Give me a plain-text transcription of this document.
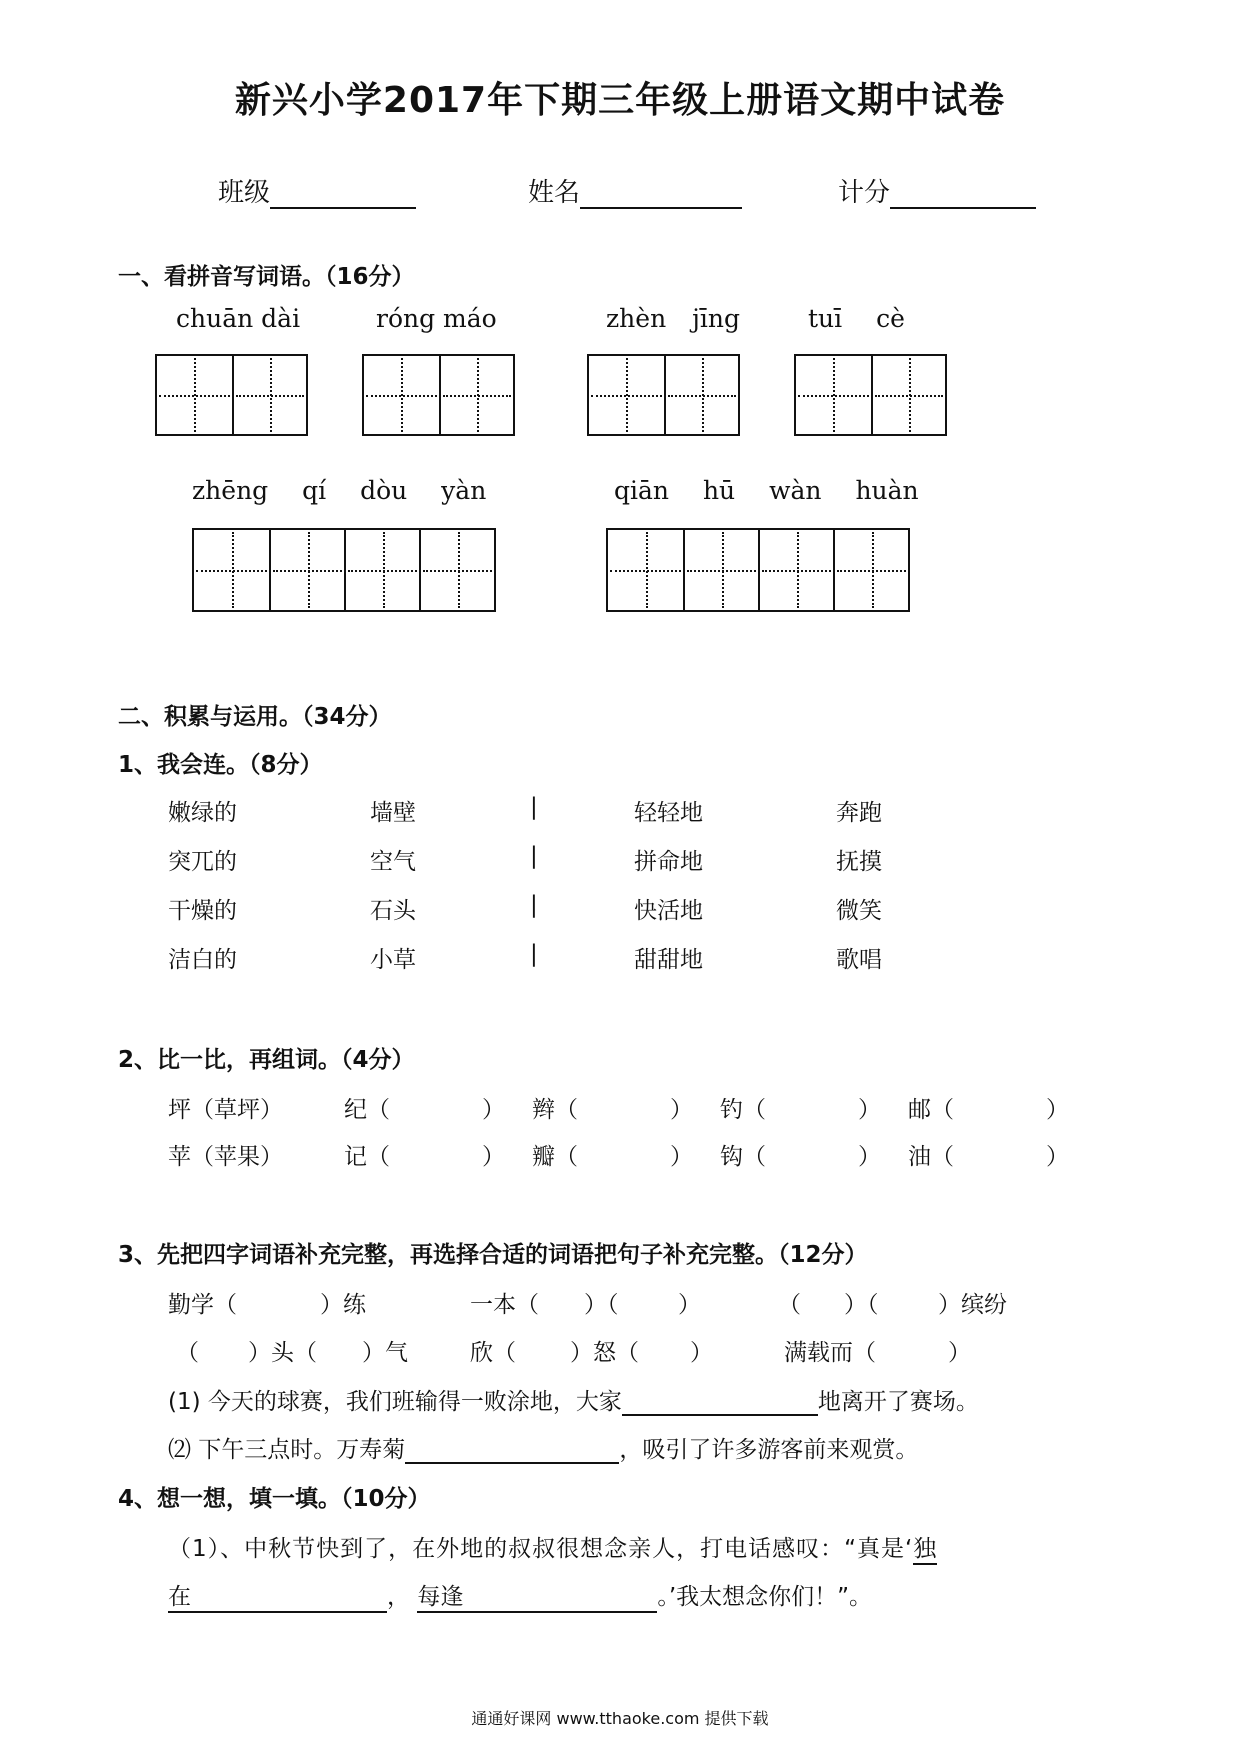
新兴小学2017年下期三年级上册语文期中试卷
班级	姓名	计分
一、看拼音写词语。（16分）
chuān dài	róng máo	zhèn jīng	tuī cè
zhēng qí dòu yàn	qiān hū wàn huàn
二、积累与运用。（34分）
1、我会连。（8分）
嫩绿的	墙壁	|	轻轻地	奔跑
突兀的	空气	|	拼命地	抚摸
干燥的	石头	|	快活地	微笑
洁白的	小草	|	甜甜地	歌唱
2、比一比，再组词。（4分）
坪（草坪）	纪（	） 辫（	） 钓（	） 邮（	）
苹（苹果）	记（	） 瓣（	） 钩（	） 油（	）
3、先把四字词语补充完整，再选择合适的词语把句子补充完整。（12分）
勤学（	）练	一本（ ）（	）	（ ）（	）缤纷
（ ）头（ ）气	欣（ ）怒（ ）	满载而（	）
(1) 今天的球赛，我们班输得一败涂地，大家	地离开了赛场。
⑵ 下午三点时。万寿菊	，吸引了许多游客前来观赏。
4、想一想，填一填。（10分）
（1）、中秋节快到了，在外地的叔叔很想念亲人，打电话感叹：“真是‘独
在	， 每逢	。’我太想念你们！”。
通通好课网 www.tthaoke.com 提供下载
